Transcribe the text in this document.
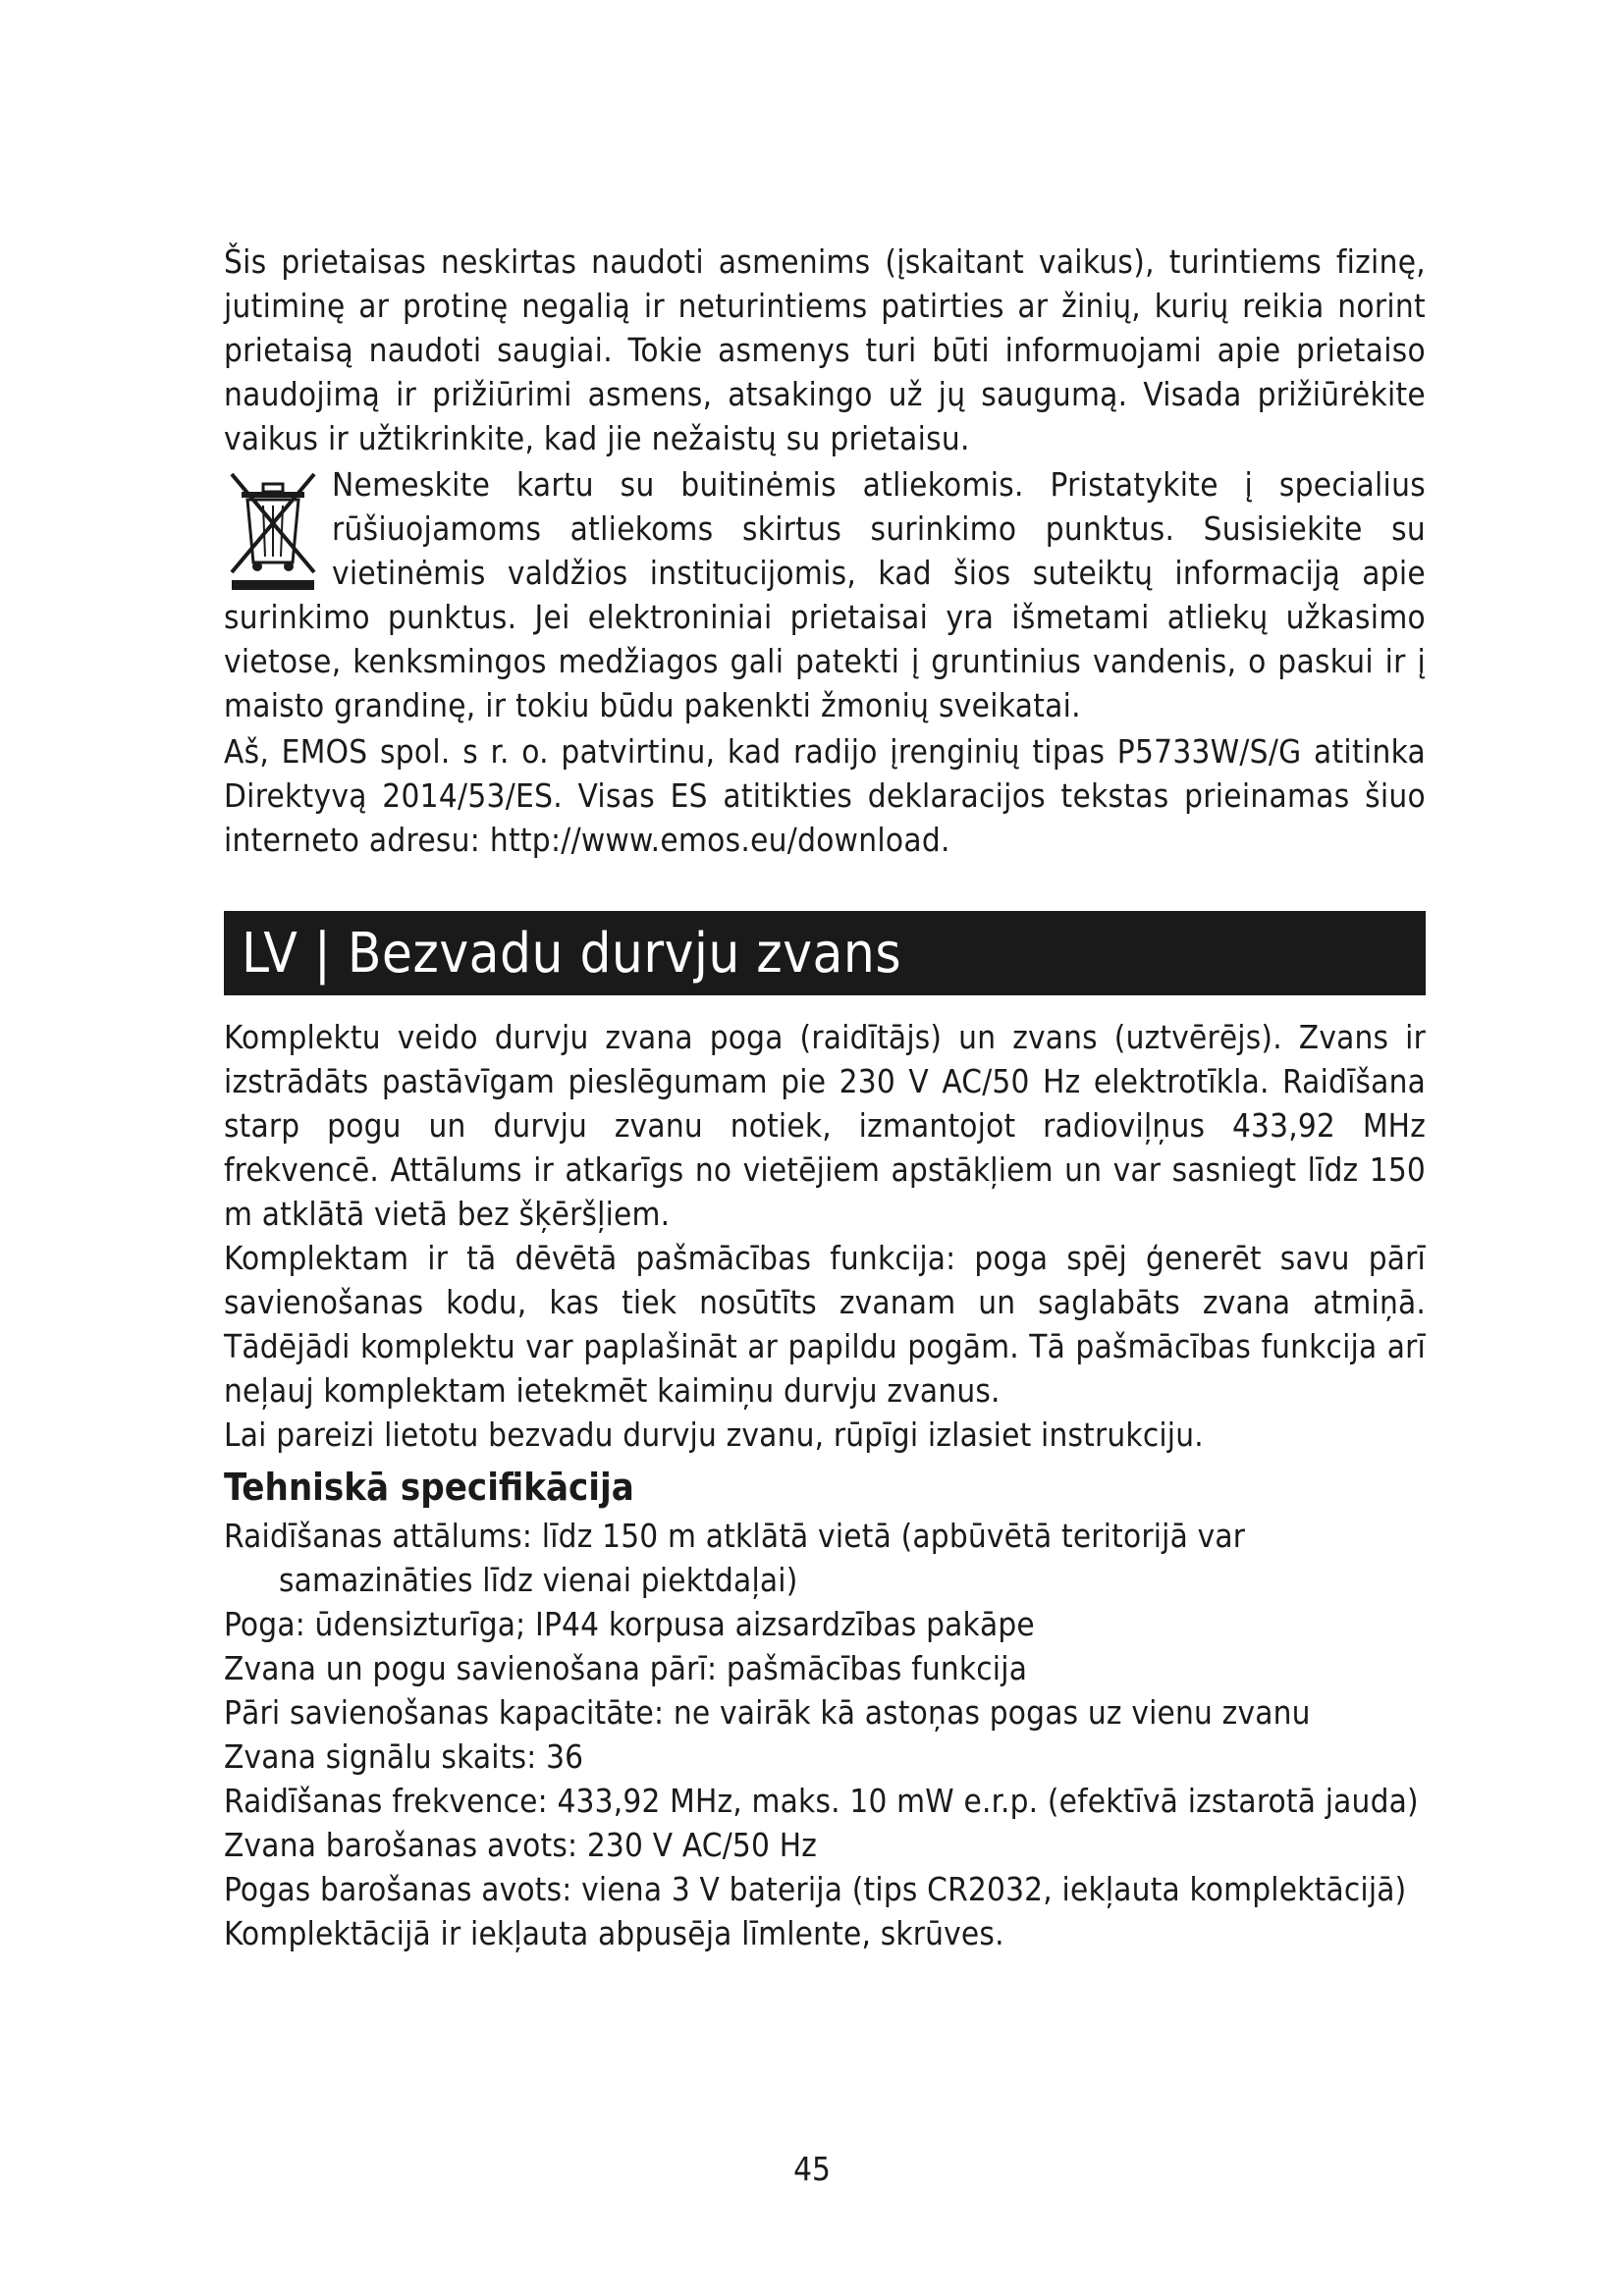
Šis prietaisas neskirtas naudoti asmenims (įskaitant vaikus), turintiems fizinę, jutiminę ar protinę negalią ir neturintiems patirties ar žinių, kurių reikia norint prietaisą naudoti saugiai. Tokie asmenys turi būti informuojami apie prietaiso naudojimą ir prižiūrimi asmens, atsakingo už jų saugumą. Visada prižiūrėkite vaikus ir užtikrinkite, kad jie nežaistų su prietaisu.

Nemeskite kartu su buitinėmis atliekomis. Pristatykite į specialius rūšiuojamoms atliekoms skirtus surinkimo punktus. Susisiekite su vietinėmis valdžios institucijomis, kad šios suteiktų informaciją apie surinkimo punktus. Jei elektroniniai prietaisai yra išmetami atliekų užkasimo vietose, kenksmingos medžiagos gali patekti į gruntinius vandenis, o paskui ir į maisto grandinę, ir tokiu būdu pakenkti žmonių sveikatai.

Aš, EMOS spol. s r. o. patvirtinu, kad radijo įrenginių tipas P5733W/S/G atitinka Direktyvą 2014/53/ES. Visas ES atitikties deklaracijos tekstas prieinamas šiuo interneto adresu: http://www.emos.eu/download.

LV | Bezvadu durvju zvans

Komplektu veido durvju zvana poga (raidītājs) un zvans (uztvērējs). Zvans ir izstrādāts pastāvīgam pieslēgumam pie 230 V AC/50 Hz elektrotīkla. Raidīšana starp pogu un durvju zvanu notiek, izmantojot radioviļņus 433,92 MHz frekvencē. Attālums ir atkarīgs no vietējiem apstākļiem un var sasniegt līdz 150 m atklātā vietā bez šķēršļiem.

Komplektam ir tā dēvētā pašmācības funkcija: poga spēj ģenerēt savu pārī savienošanas kodu, kas tiek nosūtīts zvanam un saglabāts zvana atmiņā. Tādējādi komplektu var paplašināt ar papildu pogām. Tā pašmācības funkcija arī neļauj komplektam ietekmēt kaimiņu durvju zvanus.

Lai pareizi lietotu bezvadu durvju zvanu, rūpīgi izlasiet instrukciju.

Tehniskā specifikācija

Raidīšanas attālums: līdz 150 m atklātā vietā (apbūvētā teritorijā var samazināties līdz vienai piektdaļai)

Poga: ūdensizturīga; IP44 korpusa aizsardzības pakāpe

Zvana un pogu savienošana pārī: pašmācības funkcija

Pāri savienošanas kapacitāte: ne vairāk kā astoņas pogas uz vienu zvanu

Zvana signālu skaits: 36

Raidīšanas frekvence: 433,92 MHz, maks. 10 mW e.r.p. (efektīvā izstarotā jauda)

Zvana barošanas avots: 230 V AC/50 Hz

Pogas barošanas avots: viena 3 V baterija (tips CR2032, iekļauta komplektācijā)

Komplektācijā ir iekļauta abpusēja līmlente, skrūves.

45
